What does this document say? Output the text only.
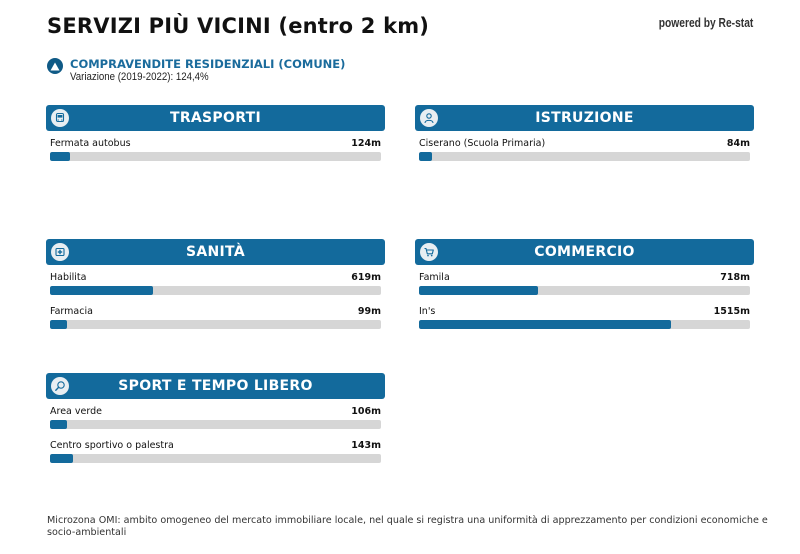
SERVIZI PIÙ VICINI (entro 2 km)	powered by Re-stat
COMPRAVENDITE RESIDENZIALI (COMUNE)
Variazione (2019-2022): 124,4%
TRASPORTI
Fermata autobus	124m
ISTRUZIONE
Ciserano (Scuola Primaria)	84m
SANITÀ
Habilita	619m
Farmacia	99m
COMMERCIO
Famila	718m
In's	1515m
SPORT E TEMPO LIBERO
Area verde	106m
Centro sportivo o palestra	143m
Microzona OMI: ambito omogeneo del mercato immobiliare locale, nel quale si registra una uniformità di apprezzamento per condizioni economiche e socio-ambientali
